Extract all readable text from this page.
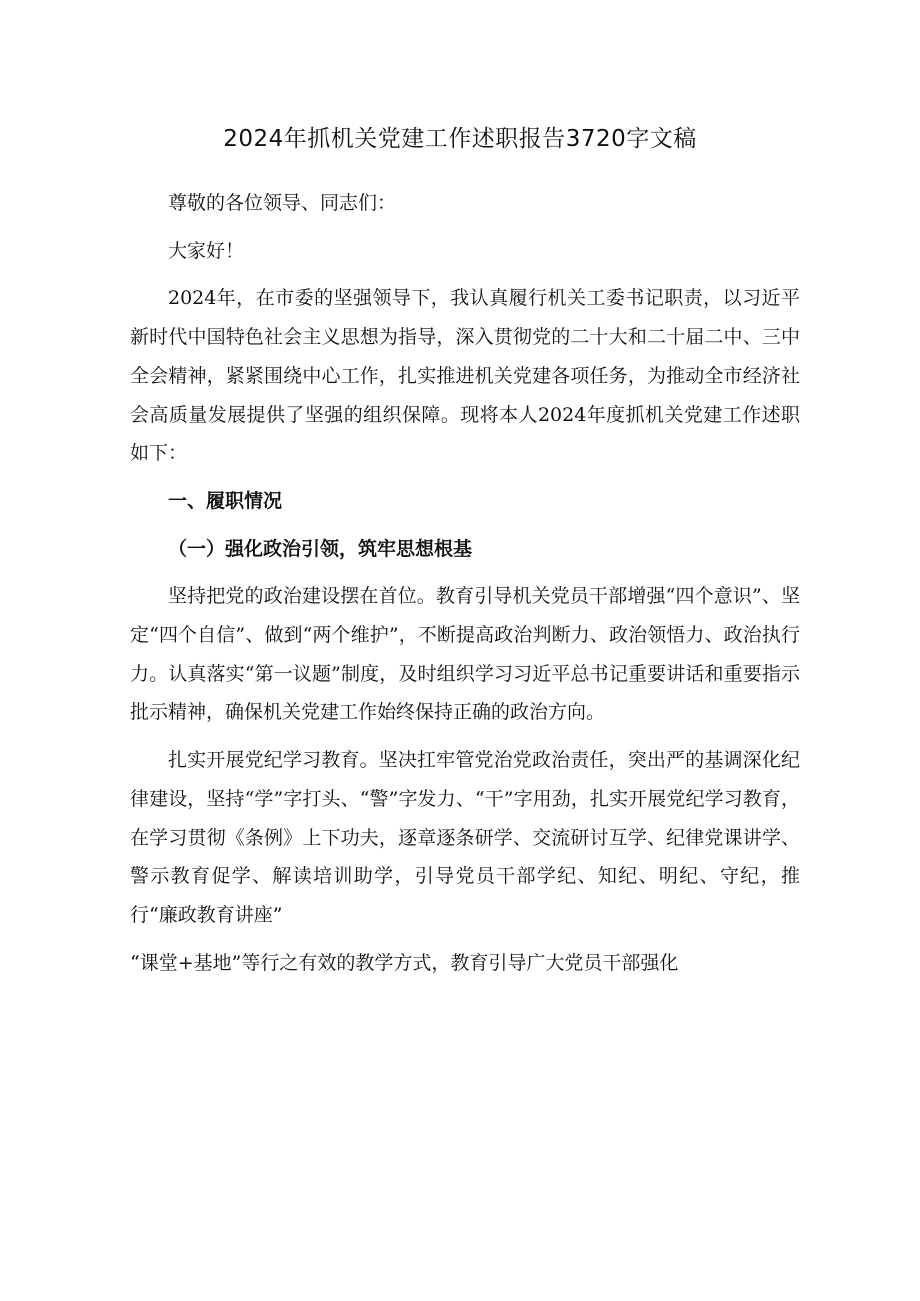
2024年抓机关党建工作述职报告3720字文稿

尊敬的各位领导、同志们：

大家好！

2024年，在市委的坚强领导下，我认真履行机关工委书记职责，以习近平新时代中国特色社会主义思想为指导，深入贯彻党的二十大和二十届二中、三中全会精神，紧紧围绕中心工作，扎实推进机关党建各项任务，为推动全市经济社会高质量发展提供了坚强的组织保障。现将本人2024年度抓机关党建工作述职如下：

一、履职情况

（一）强化政治引领，筑牢思想根基

坚持把党的政治建设摆在首位。教育引导机关党员干部增强“四个意识”、坚定“四个自信”、做到“两个维护”，不断提高政治判断力、政治领悟力、政治执行力。认真落实“第一议题”制度，及时组织学习习近平总书记重要讲话和重要指示批示精神，确保机关党建工作始终保持正确的政治方向。

扎实开展党纪学习教育。坚决扛牢管党治党政治责任，突出严的基调深化纪律建设，坚持“学”字打头、“警”字发力、“干”字用劲，扎实开展党纪学习教育，在学习贯彻《条例》上下功夫，逐章逐条研学、交流研讨互学、纪律党课讲学、警示教育促学、解读培训助学，引导党员干部学纪、知纪、明纪、守纪，推行“廉政教育讲座”

“课堂+基地”等行之有效的教学方式，教育引导广大党员干部强化
